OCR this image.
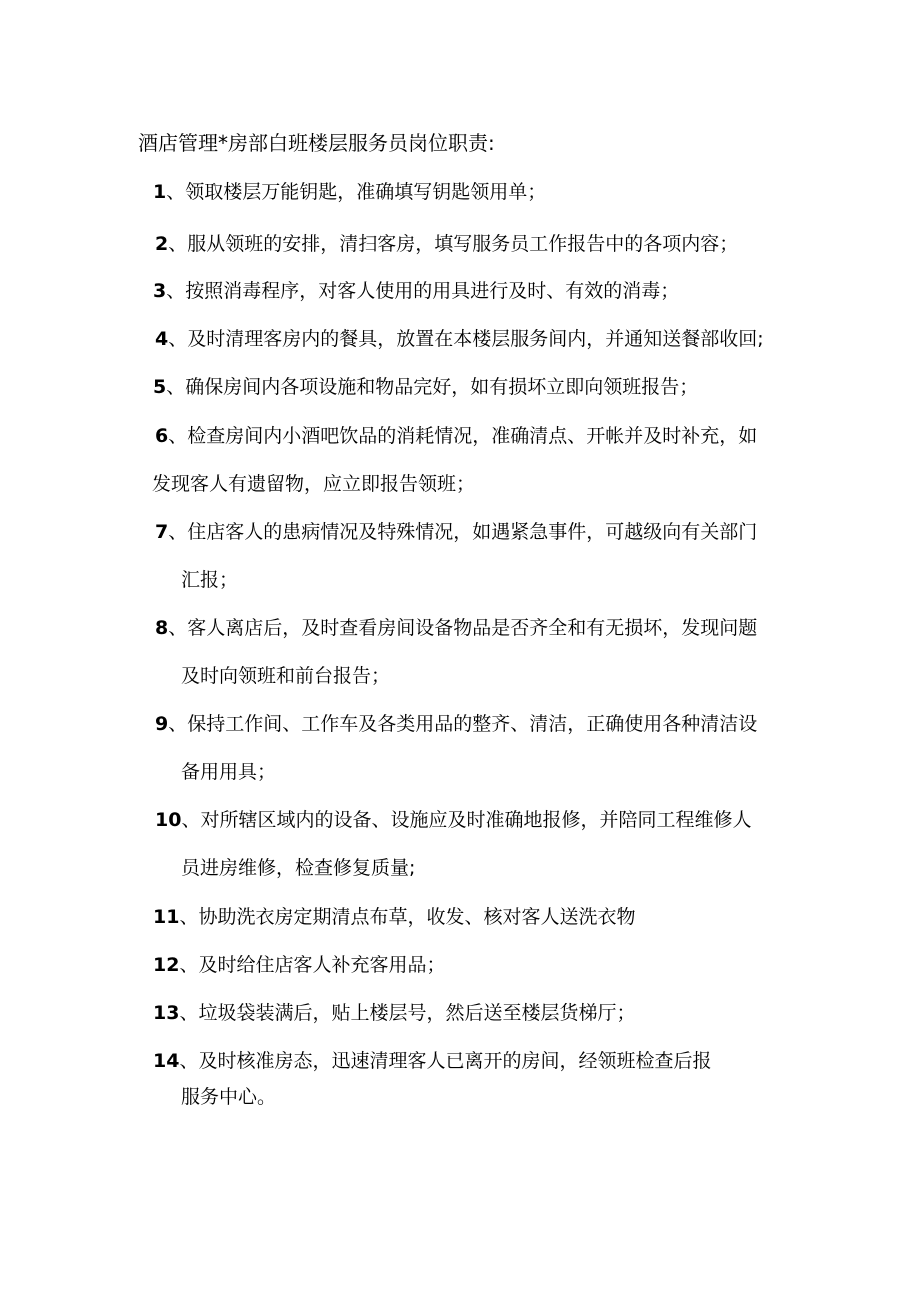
酒店管理*房部白班楼层服务员岗位职责:
1、领取楼层万能钥匙，准确填写钥匙领用单；
2、服从领班的安排，清扫客房，填写服务员工作报告中的各项内容；
3、按照消毒程序，对客人使用的用具进行及时、有效的消毒；
4、及时清理客房内的餐具，放置在本楼层服务间内，并通知送餐部收回;
5、确保房间内各项设施和物品完好，如有损坏立即向领班报告；
6、检查房间内小酒吧饮品的消耗情况，准确清点、开帐并及时补充，如
发现客人有遗留物，应立即报告领班；
7、住店客人的患病情况及特殊情况，如遇紧急事件，可越级向有关部门
汇报；
8、客人离店后，及时查看房间设备物品是否齐全和有无损坏，发现问题
及时向领班和前台报告；
9、保持工作间、工作车及各类用品的整齐、清洁，正确使用各种清洁设
备用用具；
10、对所辖区域内的设备、设施应及时准确地报修，并陪同工程维修人
员进房维修，检查修复质量;
11、协助洗衣房定期清点布草，收发、核对客人送洗衣物
12、及时给住店客人补充客用品；
13、垃圾袋装满后，贴上楼层号，然后送至楼层货梯厅；
14、及时核准房态，迅速清理客人已离开的房间，经领班检查后报
服务中心。
